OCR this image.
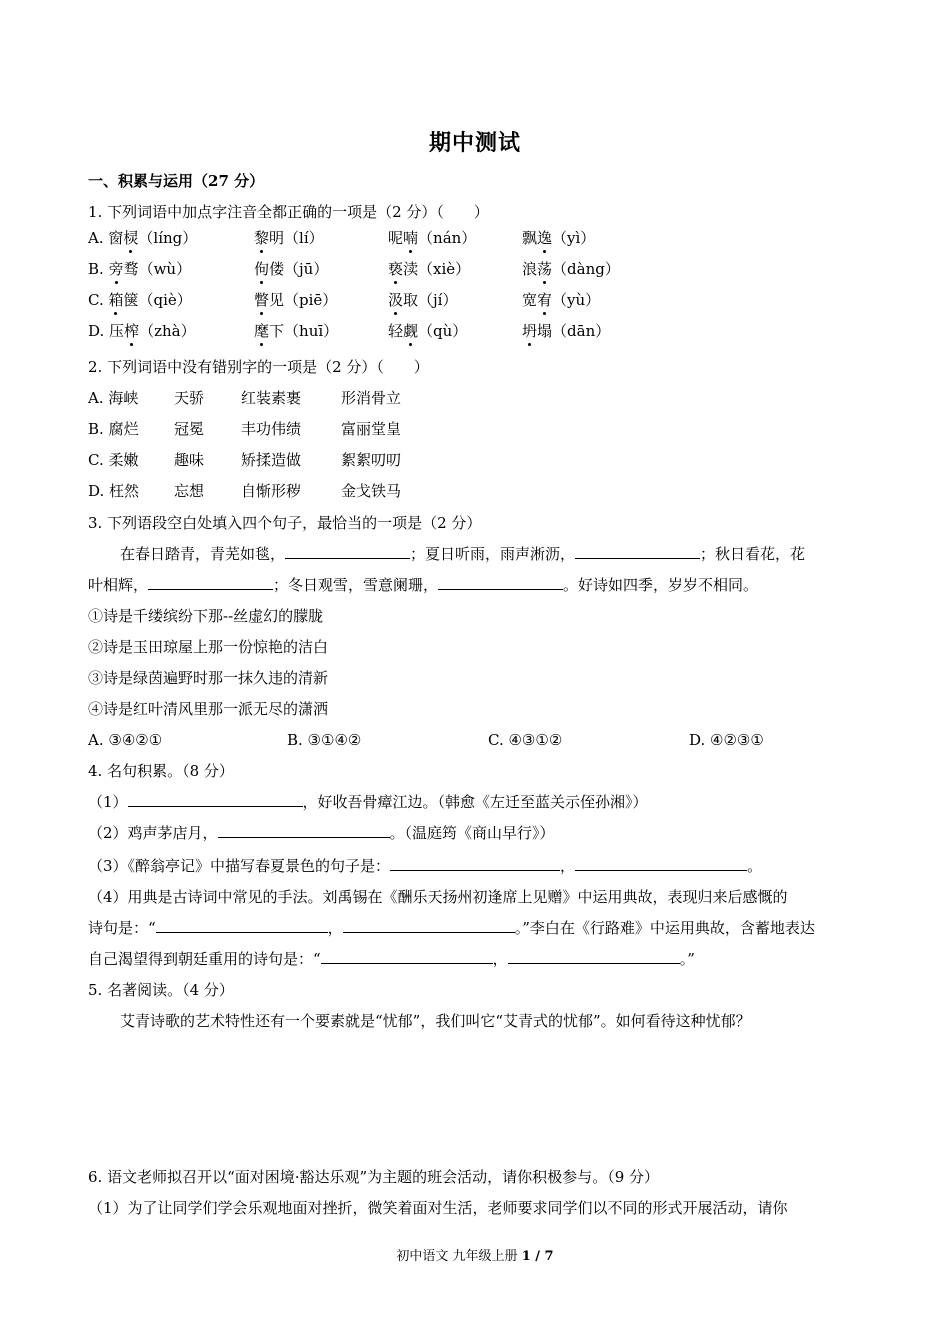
期中测试
一、积累与运用（27 分）
1. 下列词语中加点字注音全都正确的一项是（2 分）（　　）
A. 窗棂（líng）	黎明（lí）	呢喃（nán）	飘逸（yì）
B. 旁骛（wù）	佝偻（jū）	亵渎（xiè）	浪荡（dàng）
C. 箱箧（qiè）	瞥见（piē）	汲取（jí）	宽宥（yù）
D. 压榨（zhà）	麾下（huī）	轻觑（qù）	坍塌（dān）
2. 下列词语中没有错别字的一项是（2 分）（　　）
A. 海峡 天骄 红装素裹	形消骨立
B. 腐烂 冠冕 丰功伟绩	富丽堂皇
C. 柔嫩 趣味 矫揉造做	絮絮叨叨
D. 枉然 忘想 自惭形秽	金戈铁马
3. 下列语段空白处填入四个句子，最恰当的一项是（2 分）
在春日踏青，青芜如毯，	；夏日听雨，雨声淅沥，	；秋日看花，花
叶相辉，	；冬日观雪，雪意阑珊，	。好诗如四季，岁岁不相同。
①诗是千缕缤纷下那--丝虚幻的朦胧
②诗是玉田琼屋上那一份惊艳的洁白
③诗是绿茵遍野时那一抹久违的清新
④诗是红叶清风里那一派无尽的潇洒
A. ③④②①	B. ③①④②	C. ④③①②	D. ④②③①
4. 名句积累。（8 分）
（1）	，好收吾骨瘴江边。（韩愈《左迁至蓝关示侄孙湘》）
（2）鸡声茅店月，	。（温庭筠《商山早行》）
（3）《醉翁亭记》中描写春夏景色的句子是：	，	。
（4）用典是古诗词中常见的手法。刘禹锡在《酬乐天扬州初逢席上见赠》中运用典故，表现归来后感慨的
诗句是：“	，	。”李白在《行路难》中运用典故，含蓄地表达
自己渴望得到朝廷重用的诗句是：“	，	。”
5. 名著阅读。（4 分）
艾青诗歌的艺术特性还有一个要素就是“忧郁”，我们叫它“艾青式的忧郁”。如何看待这种忧郁？
6. 语文老师拟召开以“面对困境·豁达乐观”为主题的班会活动，请你积极参与。（9 分）
（1）为了让同学们学会乐观地面对挫折，微笑着面对生活，老师要求同学们以不同的形式开展活动，请你
初中语文 九年级上册 1 / 7
